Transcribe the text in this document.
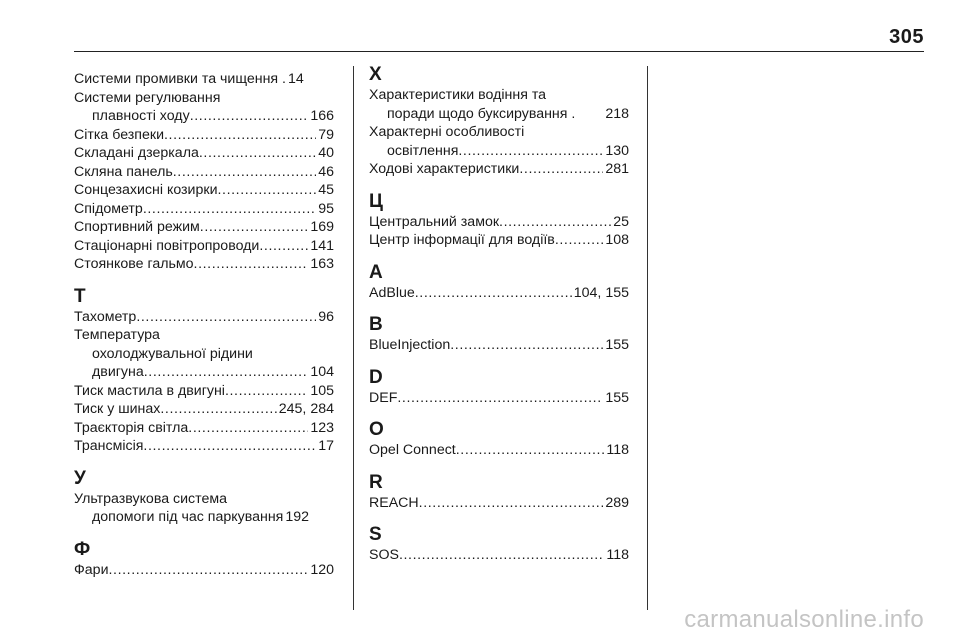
305
Системи промивки та чищення . 14
Системи регулювання
плавності ходу .....	166
Сітка безпеки .....	79
Складані дзеркала .....	40
Скляна панель .....	46
Сонцезахисні козирки .....	45
Спідометр .....	95
Спортивний режим .....	169
Стаціонарні повітропроводи .....	141
Стоянкове гальмо .....	163
Т
Тахометр .....	96
Температура
охолоджувальної рідини
двигуна .....	104
Тиск мастила в двигуні .....	105
Тиск у шинах .....	245, 284
Траєкторія світла .....	123
Трансмісія .....	17
У
Ультразвукова система
допомоги під час паркування 192
Ф
Фари .....	120
Х
Характеристики водіння та
поради щодо буксирування . 218
Характерні особливості
освітлення .....	130
Ходові характеристики .....	281
Ц
Центральний замок .....	25
Центр інформації для водіїв .....	108
A
AdBlue .....	104, 155
B
BlueInjection .....	155
D
DEF .....	155
O
Opel Connect .....	118
R
REACH .....	289
S
SOS .....	118
carmanualsonline.info
